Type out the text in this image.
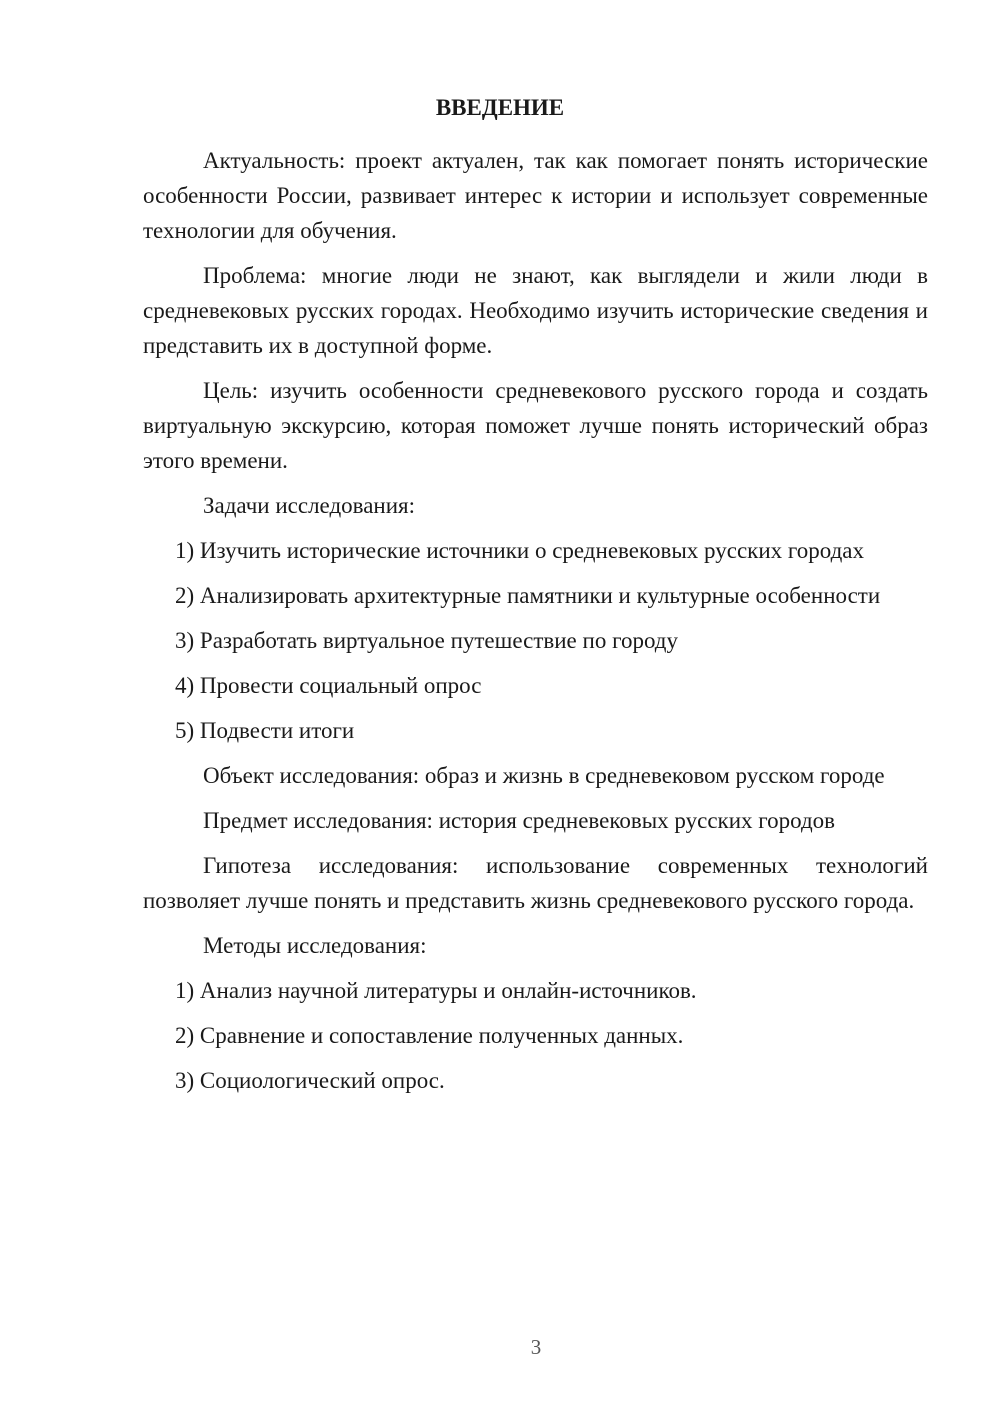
ВВЕДЕНИЕ

Актуальность: проект актуален, так как помогает понять исторические особенности России, развивает интерес к истории и использует современные технологии для обучения.

Проблема: многие люди не знают, как выглядели и жили люди в средневековых русских городах. Необходимо изучить исторические сведения и представить их в доступной форме.

Цель: изучить особенности средневекового русского города и создать виртуальную экскурсию, которая поможет лучше понять исторический образ этого времени.

Задачи исследования:

1) Изучить исторические источники о средневековых русских городах

2) Анализировать архитектурные памятники и культурные особенности

3) Разработать виртуальное путешествие по городу

4) Провести социальный опрос

5) Подвести итоги

Объект исследования: образ и жизнь в средневековом русском городе

Предмет исследования: история средневековых русских городов

Гипотеза исследования: использование современных технологий позволяет лучше понять и представить жизнь средневекового русского города.

Методы исследования:

1) Анализ научной литературы и онлайн-источников.

2) Сравнение и сопоставление полученных данных.

3) Социологический опрос.

3
